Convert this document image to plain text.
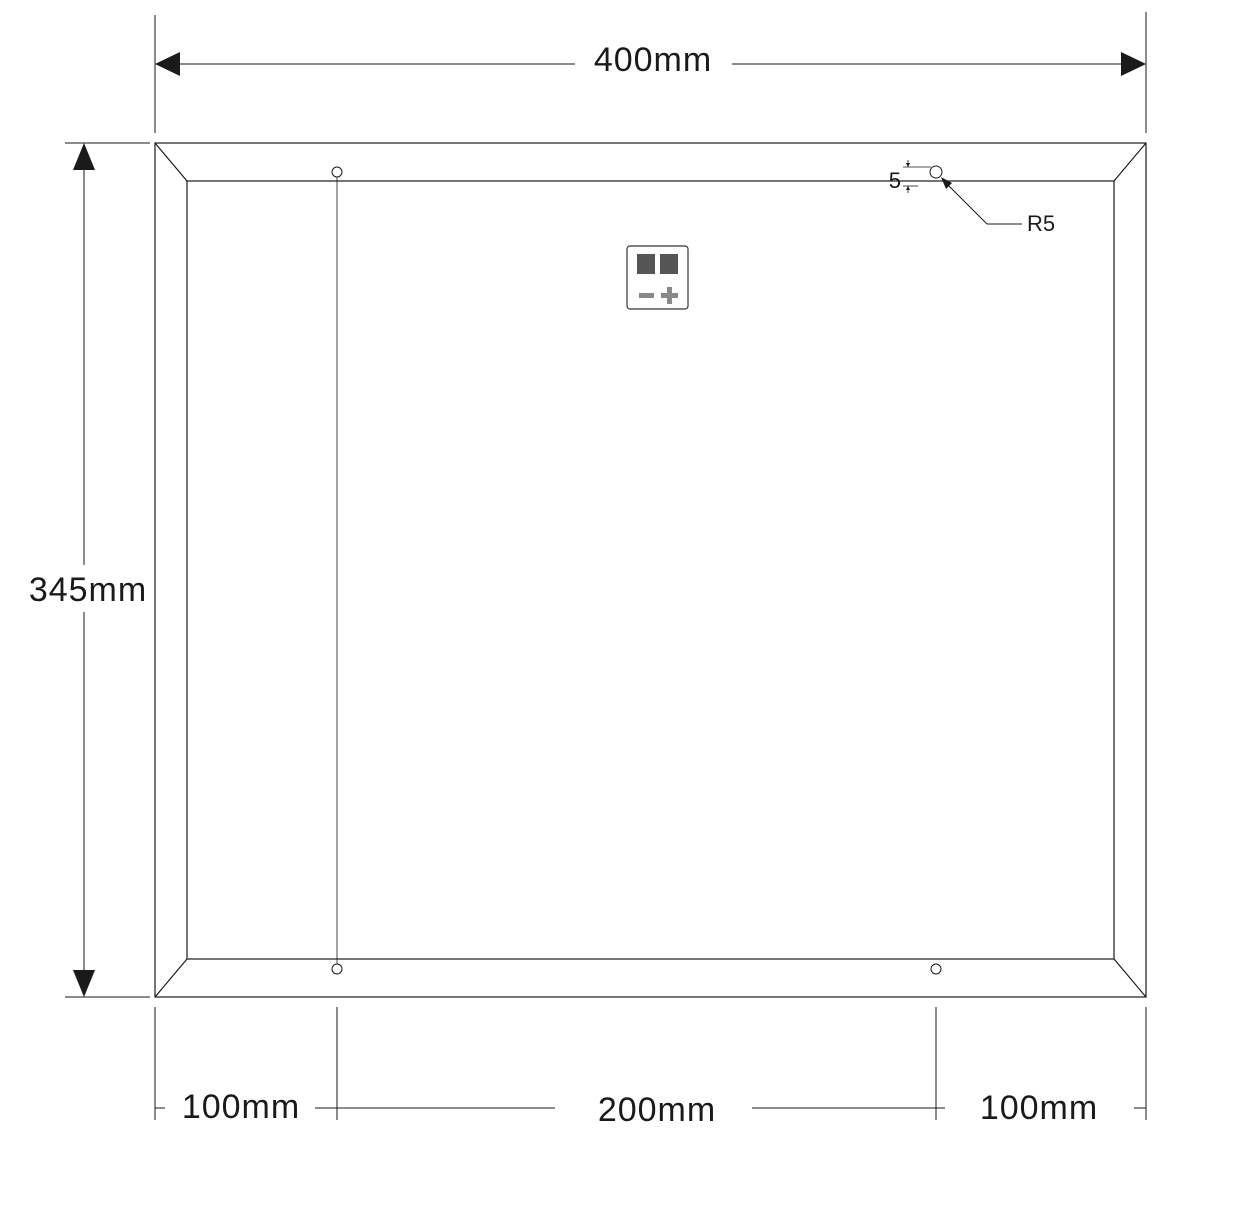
400mm
345mm
5
R5
100mm	200mm	100mm
